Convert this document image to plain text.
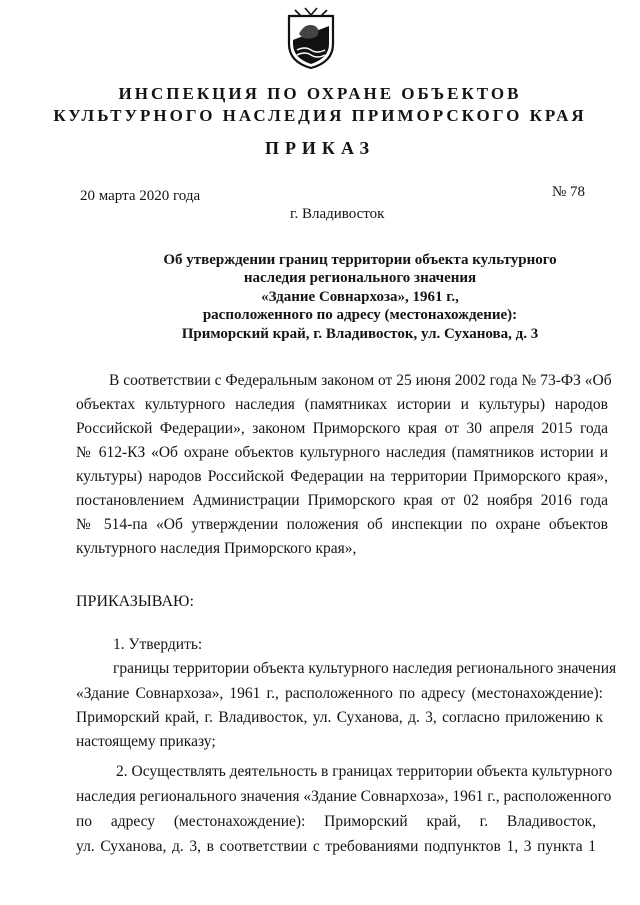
ИНСПЕКЦИЯ ПО ОХРАНЕ ОБЪЕКТОВ
КУЛЬТУРНОГО НАСЛЕДИЯ ПРИМОРСКОГО КРАЯ
ПРИКАЗ
20 марта 2020 года	№ 78
г. Владивосток
Об утверждении границ территории объекта культурного
наследия регионального значения
«Здание Совнархоза», 1961 г.,
расположенного по адресу (местонахождение):
Приморский край, г. Владивосток, ул. Суханова, д. 3
В соответствии с Федеральным законом от 25 июня 2002 года № 73-ФЗ «Об
объектах культурного наследия (памятниках истории и культуры) народов
Российской Федерации», законом Приморского края от 30 апреля 2015 года
№ 612-КЗ «Об охране объектов культурного наследия (памятников истории и
культуры) народов Российской Федерации на территории Приморского края»,
постановлением Администрации Приморского края от 02 ноября 2016 года
№ 514-па «Об утверждении положения об инспекции по охране объектов
культурного наследия Приморского края»,
ПРИКАЗЫВАЮ:
1. Утвердить:
границы территории объекта культурного наследия регионального значения
«Здание Совнархоза», 1961 г., расположенного по адресу (местонахождение):
Приморский край, г. Владивосток, ул. Суханова, д. 3, согласно приложению к
настоящему приказу;
2. Осуществлять деятельность в границах территории объекта культурного
наследия регионального значения «Здание Совнархоза», 1961 г., расположенного
по адресу (местонахождение): Приморский край, г. Владивосток,
ул. Суханова, д. 3, в соответствии с требованиями подпунктов 1, 3 пункта 1
